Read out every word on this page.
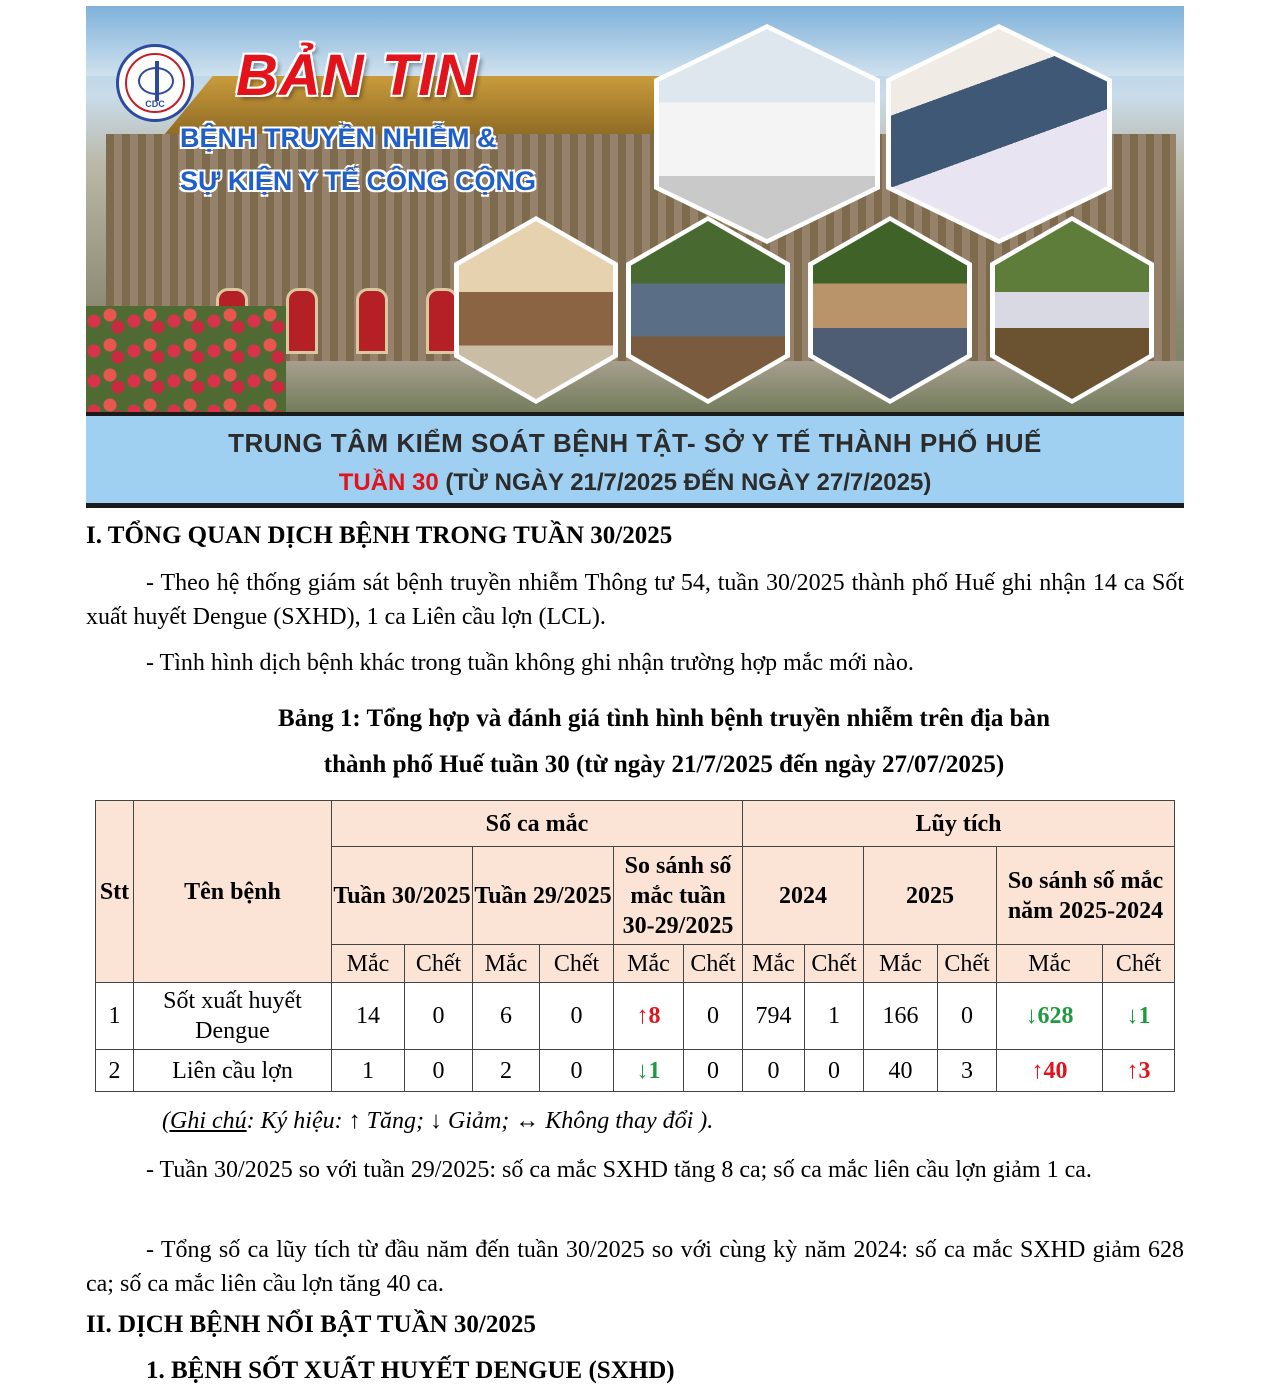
CDC	BẢN TIN
BỆNH TRUYỀN NHIỄM &
SỰ KIỆN Y TẾ CÔNG CỘNG
TRUNG TÂM KIỂM SOÁT BỆNH TẬT- SỞ Y TẾ THÀNH PHỐ HUẾ
TUẦN 30 (TỪ NGÀY 21/7/2025 ĐẾN NGÀY 27/7/2025)
I. TỔNG QUAN DỊCH BỆNH TRONG TUẦN 30/2025
- Theo hệ thống giám sát bệnh truyền nhiễm Thông tư 54, tuần 30/2025 thành phố Huế ghi nhận 14 ca Sốt xuất huyết Dengue (SXHD), 1 ca Liên cầu lợn (LCL).
- Tình hình dịch bệnh khác trong tuần không ghi nhận trường hợp mắc mới nào.
Bảng 1: Tổng hợp và đánh giá tình hình bệnh truyền nhiễm trên địa bàn
thành phố Huế tuần 30 (từ ngày 21/7/2025 đến ngày 27/07/2025)
Stt	Tên bệnh	Số ca mắc						Lũy tích					
		Tuần 30/2025		Tuần 29/2025		So sánh số mắc tuần 30-29/2025		2024		2025		So sánh số mắc năm 2025-2024	
		Mắc	Chết	Mắc	Chết	Mắc	Chết	Mắc	Chết	Mắc	Chết	Mắc	Chết
1	Sốt xuất huyết Dengue	14	0	6	0	↑8	0	794	1	166	0	↓628	↓1
2	Liên cầu lợn	1	0	2	0	↓1	0	0	0	40	3	↑40	↑3
(Ghi chú: Ký hiệu: ↑ Tăng; ↓ Giảm; ↔ Không thay đổi ).
- Tuần 30/2025 so với tuần 29/2025: số ca mắc SXHD tăng 8 ca; số ca mắc liên cầu lợn giảm 1 ca.
- Tổng số ca lũy tích từ đầu năm đến tuần 30/2025 so với cùng kỳ năm 2024: số ca mắc SXHD giảm 628 ca; số ca mắc liên cầu lợn tăng 40 ca.
II. DỊCH BỆNH NỔI BẬT TUẦN 30/2025
1. BỆNH SỐT XUẤT HUYẾT DENGUE (SXHD)
